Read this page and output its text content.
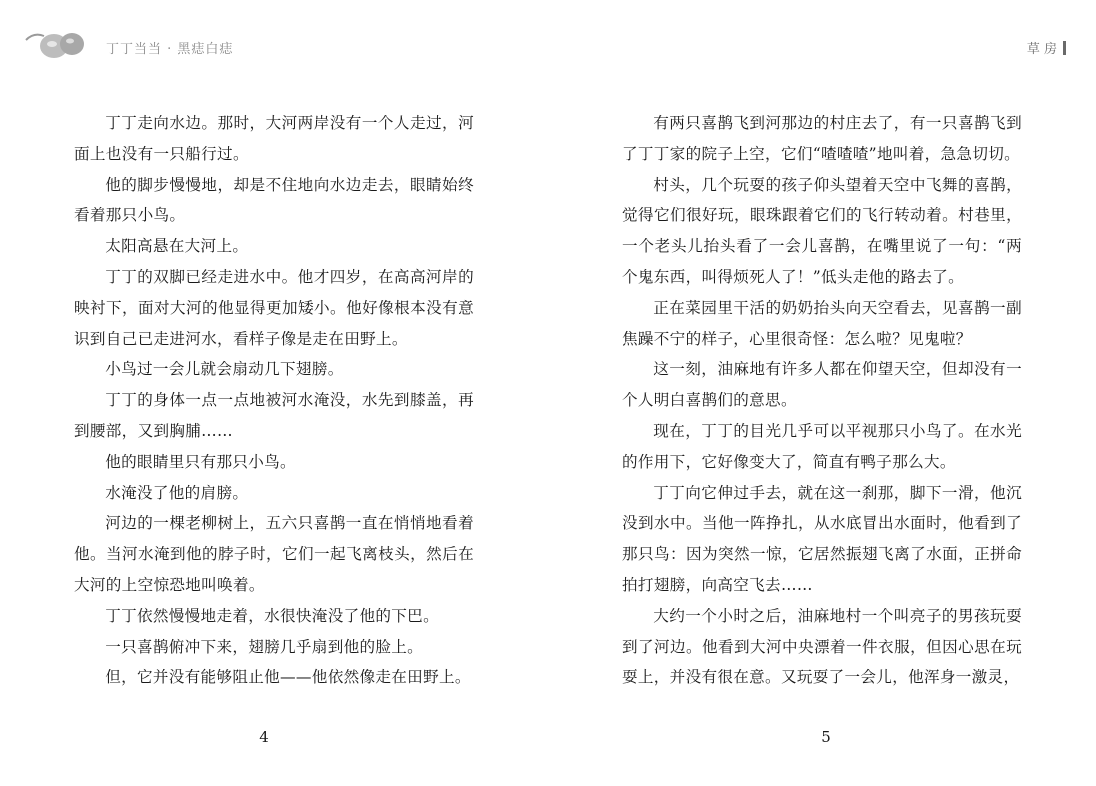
丁丁当当 · 黑痣白痣	草 房

丁丁走向水边。那时，大河两岸没有一个人走过，河面上也没有一只船行过。

他的脚步慢慢地，却是不住地向水边走去，眼睛始终看着那只小鸟。

太阳高悬在大河上。

丁丁的双脚已经走进水中。他才四岁，在高高河岸的映衬下，面对大河的他显得更加矮小。他好像根本没有意识到自己已走进河水，看样子像是走在田野上。

小鸟过一会儿就会扇动几下翅膀。

丁丁的身体一点一点地被河水淹没，水先到膝盖，再到腰部，又到胸脯……

他的眼睛里只有那只小鸟。

水淹没了他的肩膀。

河边的一棵老柳树上，五六只喜鹊一直在悄悄地看着他。当河水淹到他的脖子时，它们一起飞离枝头，然后在大河的上空惊恐地叫唤着。

丁丁依然慢慢地走着，水很快淹没了他的下巴。

一只喜鹊俯冲下来，翅膀几乎扇到他的脸上。

但，它并没有能够阻止他——他依然像走在田野上。

有两只喜鹊飞到河那边的村庄去了，有一只喜鹊飞到了丁丁家的院子上空，它们“喳喳喳”地叫着，急急切切。

村头，几个玩耍的孩子仰头望着天空中飞舞的喜鹊，觉得它们很好玩，眼珠跟着它们的飞行转动着。村巷里，一个老头儿抬头看了一会儿喜鹊，在嘴里说了一句：“两个鬼东西，叫得烦死人了！”低头走他的路去了。

正在菜园里干活的奶奶抬头向天空看去，见喜鹊一副焦躁不宁的样子，心里很奇怪：怎么啦？见鬼啦？

这一刻，油麻地有许多人都在仰望天空，但却没有一个人明白喜鹊们的意思。

现在，丁丁的目光几乎可以平视那只小鸟了。在水光的作用下，它好像变大了，简直有鸭子那么大。

丁丁向它伸过手去，就在这一刹那，脚下一滑，他沉没到水中。当他一阵挣扎，从水底冒出水面时，他看到了那只鸟：因为突然一惊，它居然振翅飞离了水面，正拼命拍打翅膀，向高空飞去……

大约一个小时之后，油麻地村一个叫亮子的男孩玩耍到了河边。他看到大河中央漂着一件衣服，但因心思在玩耍上，并没有很在意。又玩耍了一会儿，他浑身一激灵，

4	5
